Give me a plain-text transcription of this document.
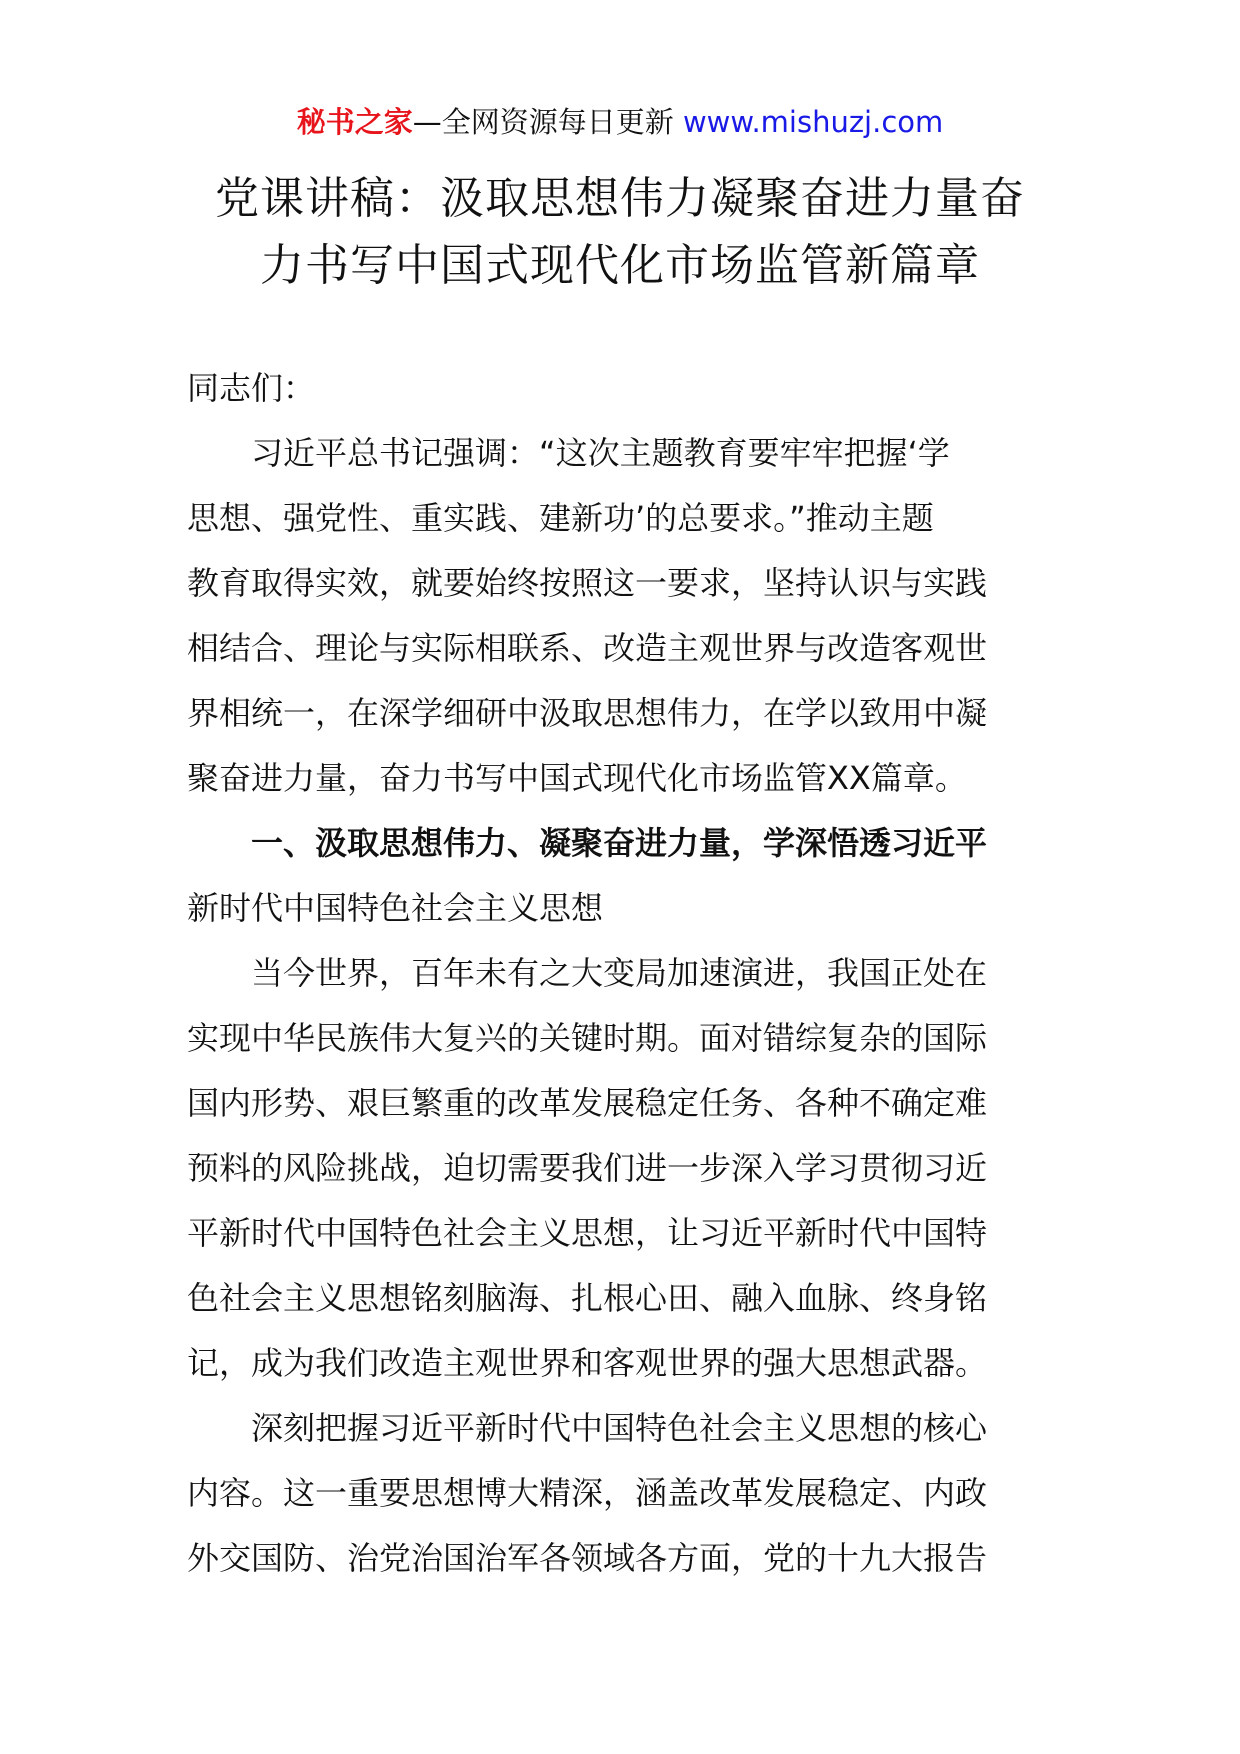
秘书之家—全网资源每日更新 www.mishuzj.com
党课讲稿：汲取思想伟力凝聚奋进力量奋
力书写中国式现代化市场监管新篇章
同志们：
习近平总书记强调：“这次主题教育要牢牢把握‘学
思想、强党性、重实践、建新功’的总要求。”推动主题
教育取得实效，就要始终按照这一要求，坚持认识与实践
相结合、理论与实际相联系、改造主观世界与改造客观世
界相统一，在深学细研中汲取思想伟力，在学以致用中凝
聚奋进力量，奋力书写中国式现代化市场监管XX篇章。
一、汲取思想伟力、凝聚奋进力量，学深悟透习近平
新时代中国特色社会主义思想
当今世界，百年未有之大变局加速演进，我国正处在
实现中华民族伟大复兴的关键时期。面对错综复杂的国际
国内形势、艰巨繁重的改革发展稳定任务、各种不确定难
预料的风险挑战，迫切需要我们进一步深入学习贯彻习近
平新时代中国特色社会主义思想，让习近平新时代中国特
色社会主义思想铭刻脑海、扎根心田、融入血脉、终身铭
记，成为我们改造主观世界和客观世界的强大思想武器。
深刻把握习近平新时代中国特色社会主义思想的核心
内容。这一重要思想博大精深，涵盖改革发展稳定、内政
外交国防、治党治国治军各领域各方面，党的十九大报告
